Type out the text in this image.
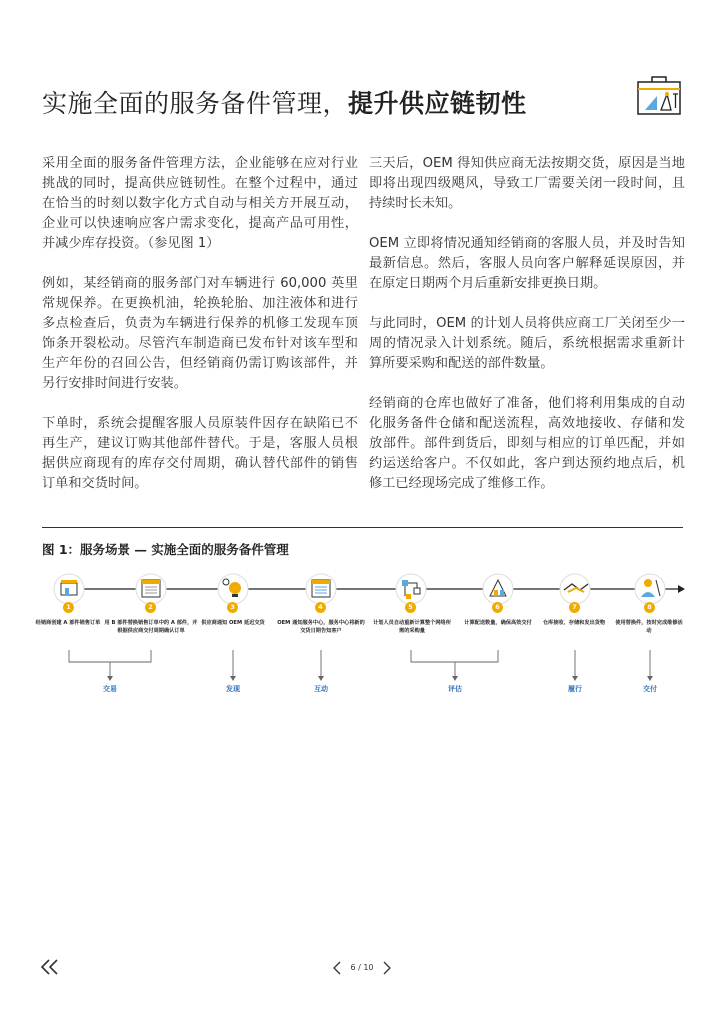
实施全面的服务备件管理，提升供应链韧性

采用全面的服务备件管理方法，企业能够在应对行业挑战的同时，提高供应链韧性。在整个过程中，通过在恰当的时刻以数字化方式自动与相关方开展互动，企业可以快速响应客户需求变化，提高产品可用性，并减少库存投资。（参见图 1）

例如，某经销商的服务部门对车辆进行 60,000 英里常规保养。在更换机油，轮换轮胎、加注液体和进行多点检查后，负责为车辆进行保养的机修工发现车顶饰条开裂松动。尽管汽车制造商已发布针对该车型和生产年份的召回公告，但经销商仍需订购该部件，并另行安排时间进行安装。

下单时，系统会提醒客服人员原装件因存在缺陷已不再生产，建议订购其他部件替代。于是，客服人员根据供应商现有的库存交付周期，确认替代部件的销售订单和交货时间。

三天后，OEM 得知供应商无法按期交货，原因是当地即将出现四级飓风，导致工厂需要关闭一段时间，且持续时长未知。

OEM 立即将情况通知经销商的客服人员，并及时告知最新信息。然后，客服人员向客户解释延误原因，并在原定日期两个月后重新安排更换日期。

与此同时，OEM 的计划人员将供应商工厂关闭至少一周的情况录入计划系统。随后，系统根据需求重新计算所要采购和配送的部件数量。

经销商的仓库也做好了准备，他们将利用集成的自动化服务备件仓储和配送流程，高效地接收、存储和发放部件。部件到货后，即刻与相应的订单匹配，并如约运送给客户。不仅如此，客户到达预约地点后，机修工已经现场完成了维修工作。

图 1：服务场景 — 实施全面的服务备件管理
1	2	3	4	5	6	7	8
经销商创建 A 部件销售订单 用 B 部件替换销售订单中的 A 部件，并根据供应商交付周期确认订单
供应商通知 OEM 延迟交货	OEM 通知服务中心，服务中心将新的交货日期告知客户
计划人员自动重新计算整个网络所需的采购量
计算配送数量，确保高效交付	仓库接收、存储和发出货物	使用替换件，按时完成维修活动
交易	发现	互动	评估	履行	交付
6 / 10
